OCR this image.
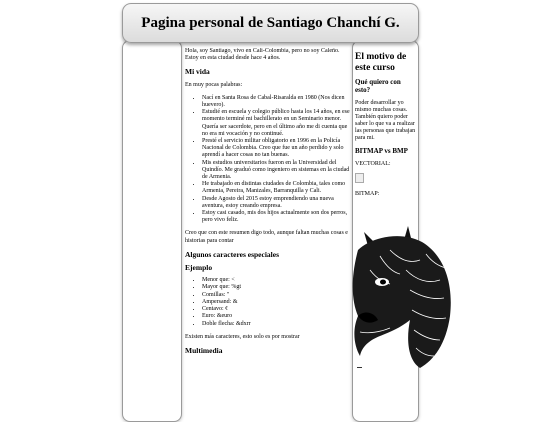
Pagina personal de Santiago Chanchí G.

Hola, soy Santiago, vivo en Cali-Colombia, pero no soy Caleño. Estoy en esta ciudad desde hace 4 años.

Mi vida

En muy pocas palabras:

• Nací en Santa Rosa de Cabal-Risaralda en 1980 (Nos dicen huevero).
• Estudié en escuela y colegio público hasta los 14 años, en ese momento terminé mi bachillerato en un Seminario menor. Quería ser sacerdote, pero en el último año me di cuenta que no era mi vocación y no continué.
• Presté el servicio militar obligatorio en 1996 en la Policía Nacional de Colombia. Creo que fue un año perdido y solo aprendí a hacer cosas no tan buenas.
• Mis estudios universitarios fueron en la Universidad del Quindío. Me graduó como ingeniero en sistemas en la ciudad de Armenia.
• He trabajado en distintas ciudades de Colombia, tales como Armenia, Pereira, Manizales, Barranquilla y Cali.
• Desde Agosto del 2015 estoy emprendiendo una nueva aventura, estoy creando empresa.
• Estoy casi casado, mis dos hijos actualmente son dos perros, pero vivo feliz.

Creo que con este resumen digo todo, aunque faltan muchas cosas e historias para contar

Algunos caracteres especiales
Ejemplo
• Menor que: <
• Mayor que: %gt
• Comillas: "
• Ampersand: &
• Centavo: ¢
• Euro: &euro
• Doble flecha: &dxrr

Existen más caracteres, esto solo es por mostrar

Multimedia
El motivo de este curso
Qué quiero con esto?

Poder desarrollar yo mismo muchas cosas. También quiero poder saber lo que va a realizar las personas que trabajan para mi.

BITMAP vs BMP

VECTORIAL:

BITMAP:
